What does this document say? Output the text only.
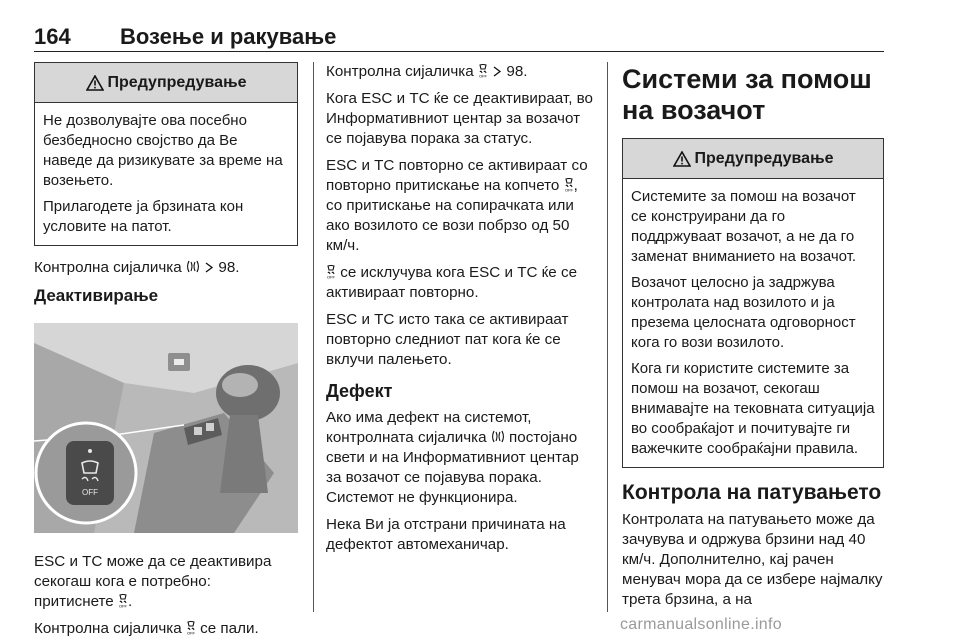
164 Возење и ракување
Предупредување

Не дозволувајте ова посебно безбедносно својство да Ве наведе да ризикувате за време на возењето.

Прилагодете ја брзината кон условите на патот.

Контролна сијаличка 98.

Деактивирање
OFF

ESC и TC може да се деактивира секогаш кога е потребно:
притиснете OFF .

Контролна сијаличка OFF се пали.

Контролна сијаличка OFF 98.

Кога ESC и TC ќе се деактивираат, во Информативниот центар за возачот се појавува порака за статус.

ESC и TC повторно се активираат со повторно притискање на копчето OFF , со притискање на сопирачката или ако возилото се вози побрзо од 50 км/ч.

OFF се исклучува кога ESC и TC ќе се активираат повторно.

ESC и TC исто така се активираат повторно следниот пат кога ќе се вклучи палењето.

Дефект

Ако има дефект на системот, контролната сијаличка постојано свети и на Информативниот центар за возачот се појавува порака. Системот не функционира.

Нека Ви ја отстрани причината на дефектот автомеханичар.

Системи за помош на возачот
Предупредување

Системите за помош на возачот се конструирани да го поддржуваат возачот, а не да го заменат вниманието на возачот.

Возачот целосно ја задржува контролата над возилото и ја презема целосната одговорност кога го вози возилото.

Кога ги користите системите за помош на возачот, секогаш внимавајте на тековната ситуација во сообраќајот и почитувајте ги важечките сообраќајни правила.

Контрола на патувањето

Контролата на патувањето може да зачувува и одржува брзини над 40 км/ч. Дополнително, кај рачен менувач мора да се избере најмалку трета брзина, а на

carmanualsonline.info
